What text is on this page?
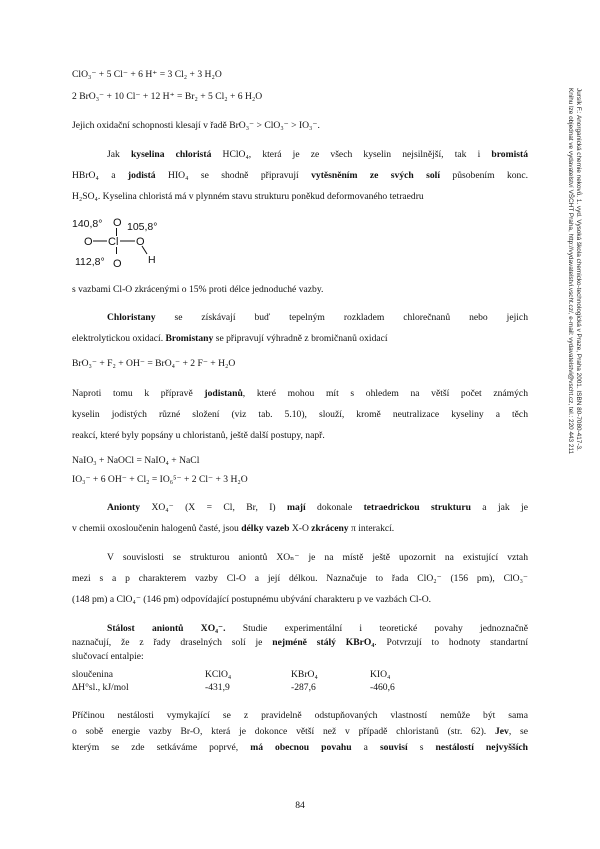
Jursík F.: Anorganická chemie nekovů. 1. vyd. Vysoká škola chemicko-technologická v Praze, Praha 2001. ISBN 80-7080-417-3.
Knihu lze objednat ve vydavatelství VŠCHT Praha, http://vydavatelstvi.vscht.cz/, e-mail: vydavatelstvi@vscht.cz, tel.: 220 443 211
ClO₃⁻ + 5 Cl⁻ + 6 H⁺ = 3 Cl₂ + 3 H₂O
2 BrO₃⁻ + 10 Cl⁻ + 12 H⁺ = Br₂ + 5 Cl₂ + 6 H₂O
Jejich oxidační schopnosti klesají v řadě BrO₃⁻ > ClO₃⁻ > IO₃⁻.
Jak kyselina chloristá HClO₄, která je ze všech kyselin nejsilnější, tak i bromistá
HBrO₄ a jodistá HIO₄ se shodně připravují vytěsněním ze svých solí působením konc.
H₂SO₄. Kyselina chloristá má v plynném stavu strukturu poněkud deformovaného tetraedru
140,8° O 105,8°
O Cl O
H
112,8° O
s vazbami Cl-O zkrácenými o 15% proti délce jednoduché vazby.
Chloristany se získávají buď tepelným rozkladem chlorečnanů nebo jejich
elektrolytickou oxidací. Bromistany se připravují výhradně z bromičnanů oxidací
BrO₃⁻ + F₂ + OH⁻ = BrO₄⁻ + 2 F⁻ + H₂O
Naproti tomu k přípravě jodistanů, které mohou mít s ohledem na větší počet známých
kyselin jodistých různé složení (viz tab. 5.10), slouží, kromě neutralizace kyseliny a těch
reakcí, které byly popsány u chloristanů, ještě další postupy, např.
NaIO₃ + NaOCl = NaIO₄ + NaCl
IO₃⁻ + 6 OH⁻ + Cl₂ = IO₆⁵⁻ + 2 Cl⁻ + 3 H₂O
Anionty XO₄⁻ (X = Cl, Br, I) mají dokonale tetraedrickou strukturu a jak je
v chemii oxosloučenin halogenů časté, jsou délky vazeb X-O zkráceny π interakcí.
V souvislosti se strukturou aniontů XOₙ⁻ je na místě ještě upozornit na existující vztah
mezi s a p charakterem vazby Cl-O a její délkou. Naznačuje to řada ClO₂⁻ (156 pm), ClO₃⁻
(148 pm) a ClO₄⁻ (146 pm) odpovídající postupnému ubývání charakteru p ve vazbách Cl-O.
Stálost aniontů XO₄⁻. Studie experimentální i teoretické povahy jednoznačně
naznačují, že z řady draselných solí je nejméně stálý KBrO₄. Potvrzují to hodnoty standartní
slučovací entalpie:
sloučenina	KClO₄	KBrO₄	KIO₄
ΔH°sl., kJ/mol	-431,9	-287,6	-460,6
Příčinou nestálosti vymykající se z pravidelně odstupňovaných vlastností nemůže být sama
o sobě energie vazby Br-O, která je dokonce větší než v případě chloristanů (str. 62). Jev, se
kterým se zde setkáváme poprvé, má obecnou povahu a souvisí s nestálostí nejvyšších
84
